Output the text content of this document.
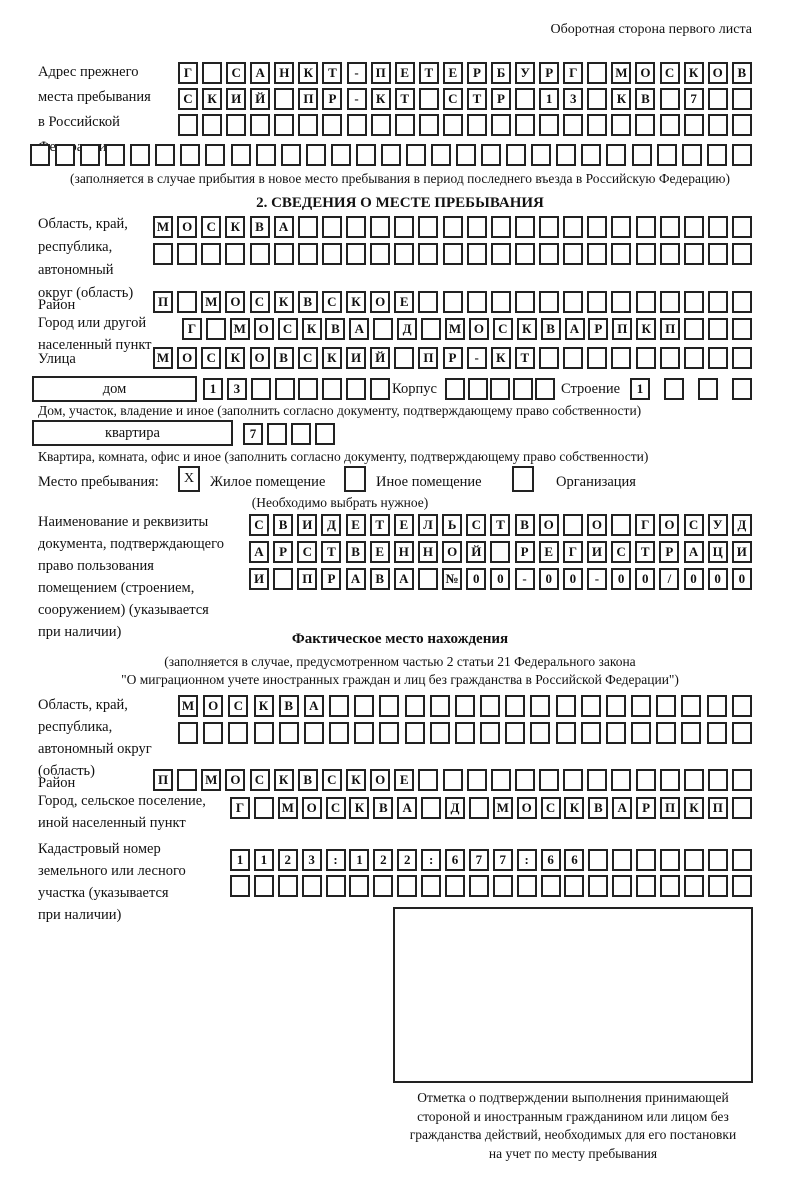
Оборотная сторона первого листа
Адрес прежнего
места пребывания
в Российской
Г	С	А	Н	К	Т	-	П	Е	Т	Е	Р	Б	У	Р	Г	М О	С	К	О	В
С	К	И	Й	П	Р	-	К	Т	С	Т	Р	1	3	К	В	7
(заполняется в случае прибытия в новое место пребывания в период последнего въезда в Российскую Федерацию)
2. СВЕДЕНИЯ О МЕСТЕ ПРЕБЫВАНИЯ
Область, край,
республика,
автономный
округ (область)
М О	С	К	В	А
Район	П	М О	С	К	В	С	К	О	Е
Город или другой
населенный пункт
Г	М О	С	К	В	А	Д	М О	С	К	В	А	Р	П	К	П
Улица	М О	С	К	О	В	С	К	И	Й	П	Р	-	К	Т
дом	1	3	Корпус	Строение	1
Дом, участок, владение и иное (заполнить согласно документу, подтверждающему право собственности)
квартира	7
Квартира, комната, офис и иное (заполнить согласно документу, подтверждающему право собственности)
Место пребывания:	X	Жилое помещение	Иное помещение	Организация
(Необходимо выбрать нужное)
Наименование и реквизиты
документа, подтверждающего
право пользования
помещением (строением,
сооружением) (указывается
при наличии)
С	В	И	Д	Е	Т	Е	Л	Ь	С	Т	В	О	О	Г	О	С	У	Д
А	Р	С	Т	В	Е	Н	Н	О	Й	Р	Е	Г	И	С	Т	Р	А	Ц	И
И	П	Р	А	В	А	№	0	0	-	0	0	-	0	0	/	0	0	0
Фактическое место нахождения
(заполняется в случае, предусмотренном частью 2 статьи 21 Федерального закона
"О миграционном учете иностранных граждан и лиц без гражданства в Российской Федерации")
Область, край,
республика,
автономный округ
(область)
М	О	С	К	В	А
Район	П	М О	С	К	В	С	К	О	Е
Город, сельское поселение,
иной населенный пункт
Г	М О	С	К	В	А	Д	М О	С	К	В	А	Р	П	К	П
Кадастровый номер
земельного или лесного
участка (указывается
при наличии)
1	1	2	3	:	1	2	2	:	6	7	7	:	6	6
Отметка о подтверждении выполнения принимающей
стороной и иностранным гражданином или лицом без
гражданства действий, необходимых для его постановки
на учет по месту пребывания
